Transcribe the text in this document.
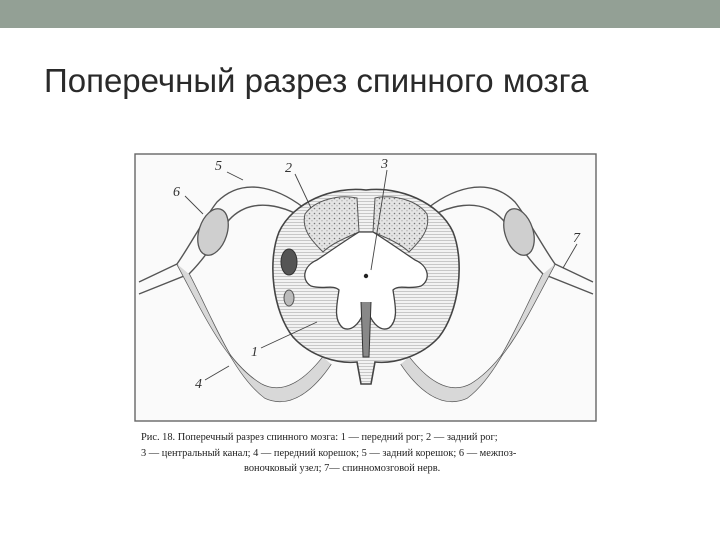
Поперечный разрез спинного мозга
1
2	3
4
5
6
7
Рис. 18. Поперечный разрез спинного мозга: 1 — передний рог; 2 — задний рог;
3 — центральный канал; 4 — передний корешок; 5 — задний корешок; 6 — межпоз-
воночковый узел; 7— спинномозговой нерв.
